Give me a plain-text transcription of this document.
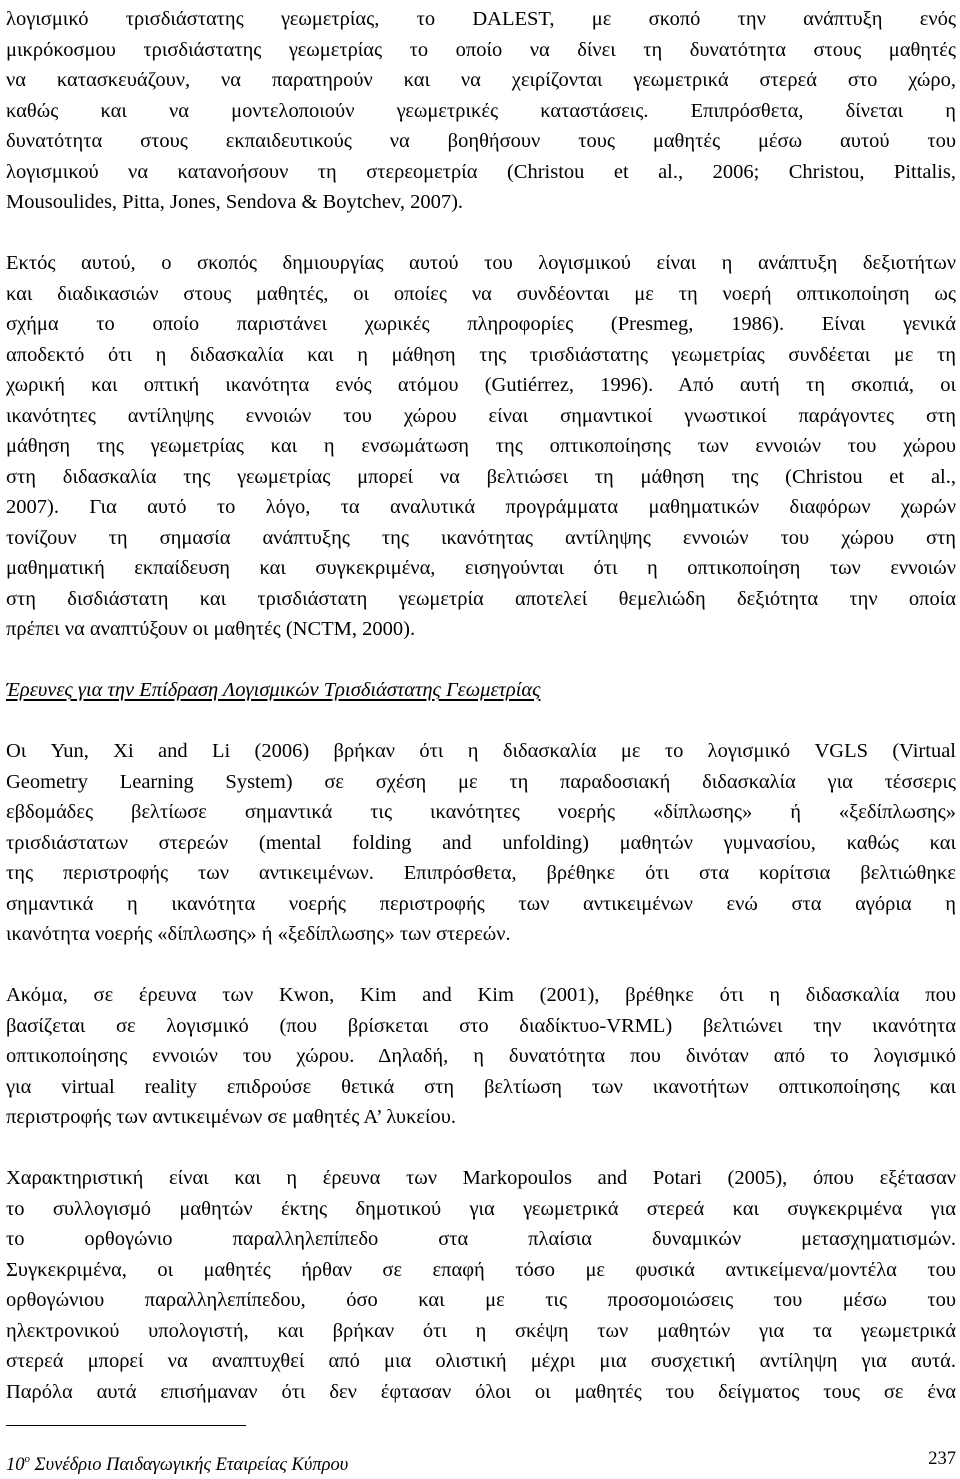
λογισμικό τρισδιάστατης γεωμετρίας, το DALEST, με σκοπό την ανάπτυξη ενός
μικρόκοσμου τρισδιάστατης γεωμετρίας το οποίο να δίνει τη δυνατότητα στους μαθητές
να κατασκευάζουν, να παρατηρούν και να χειρίζονται γεωμετρικά στερεά στο χώρο,
καθώς και να μοντελοποιούν γεωμετρικές καταστάσεις. Επιπρόσθετα, δίνεται η
δυνατότητα στους εκπαιδευτικούς να βοηθήσουν τους μαθητές μέσω αυτού του
λογισμικού να κατανοήσουν τη στερεομετρία (Christou et al., 2006; Christou, Pittalis,
Mousoulides, Pitta, Jones, Sendova & Boytchev, 2007).

Εκτός αυτού, ο σκοπός δημιουργίας αυτού του λογισμικού είναι η ανάπτυξη δεξιοτήτων
και διαδικασιών στους μαθητές, οι οποίες να συνδέονται με τη νοερή οπτικοποίηση ως
σχήμα το οποίο παριστάνει χωρικές πληροφορίες (Presmeg, 1986). Είναι γενικά
αποδεκτό ότι η διδασκαλία και η μάθηση της τρισδιάστατης γεωμετρίας συνδέεται με τη
χωρική και οπτική ικανότητα ενός ατόμου (Gutiérrez, 1996). Από αυτή τη σκοπιά, οι
ικανότητες αντίληψης εννοιών του χώρου είναι σημαντικοί γνωστικοί παράγοντες στη
μάθηση της γεωμετρίας και η ενσωμάτωση της οπτικοποίησης των εννοιών του χώρου
στη διδασκαλία της γεωμετρίας μπορεί να βελτιώσει τη μάθηση της (Christou et al.,
2007). Για αυτό το λόγο, τα αναλυτικά προγράμματα μαθηματικών διαφόρων χωρών
τονίζουν τη σημασία ανάπτυξης της ικανότητας αντίληψης εννοιών του χώρου στη
μαθηματική εκπαίδευση και συγκεκριμένα, εισηγούνται ότι η οπτικοποίηση των εννοιών
στη δισδιάστατη και τρισδιάστατη γεωμετρία αποτελεί θεμελιώδη δεξιότητα την οποία
πρέπει να αναπτύξουν οι μαθητές (NCTM, 2000).

Έρευνες για την Επίδραση Λογισμικών Τρισδιάστατης Γεωμετρίας

Οι Yun, Xi and Li (2006) βρήκαν ότι η διδασκαλία με το λογισμικό VGLS (Virtual
Geometry Learning System) σε σχέση με τη παραδοσιακή διδασκαλία για τέσσερις
εβδομάδες βελτίωσε σημαντικά τις ικανότητες νοερής «δίπλωσης» ή «ξεδίπλωσης»
τρισδιάστατων στερεών (mental folding and unfolding) μαθητών γυμνασίου, καθώς και
της περιστροφής των αντικειμένων. Επιπρόσθετα, βρέθηκε ότι στα κορίτσια βελτιώθηκε
σημαντικά η ικανότητα νοερής περιστροφής των αντικειμένων ενώ στα αγόρια η
ικανότητα νοερής «δίπλωσης» ή «ξεδίπλωσης» των στερεών.

Ακόμα, σε έρευνα των Kwon, Kim and Kim (2001), βρέθηκε ότι η διδασκαλία που
βασίζεται σε λογισμικό (που βρίσκεται στο διαδίκτυο-VRML) βελτιώνει την ικανότητα
οπτικοποίησης εννοιών του χώρου. Δηλαδή, η δυνατότητα που δινόταν από το λογισμικό
για virtual reality επιδρούσε θετικά στη βελτίωση των ικανοτήτων οπτικοποίησης και
περιστροφής των αντικειμένων σε μαθητές Α’ λυκείου.

Χαρακτηριστική είναι και η έρευνα των Markopoulos and Potari (2005), όπου εξέτασαν
το συλλογισμό μαθητών έκτης δημοτικού για γεωμετρικά στερεά και συγκεκριμένα για
το ορθογώνιο παραλληλεπίπεδο στα πλαίσια δυναμικών μετασχηματισμών.
Συγκεκριμένα, οι μαθητές ήρθαν σε επαφή τόσο με φυσικά αντικείμενα/μοντέλα του
ορθογώνιου παραλληλεπίπεδου, όσο και με τις προσομοιώσεις του μέσω του
ηλεκτρονικού υπολογιστή, και βρήκαν ότι η σκέψη των μαθητών για τα γεωμετρικά
στερεά μπορεί να αναπτυχθεί από μια ολιστική μέχρι μια συσχετική αντίληψη για αυτά.
Παρόλα αυτά επισήμαναν ότι δεν έφτασαν όλοι οι μαθητές του δείγματος τους σε ένα

$10^o$ Συνέδριο Παιδαγωγικής Εταιρείας Κύπρου	237
